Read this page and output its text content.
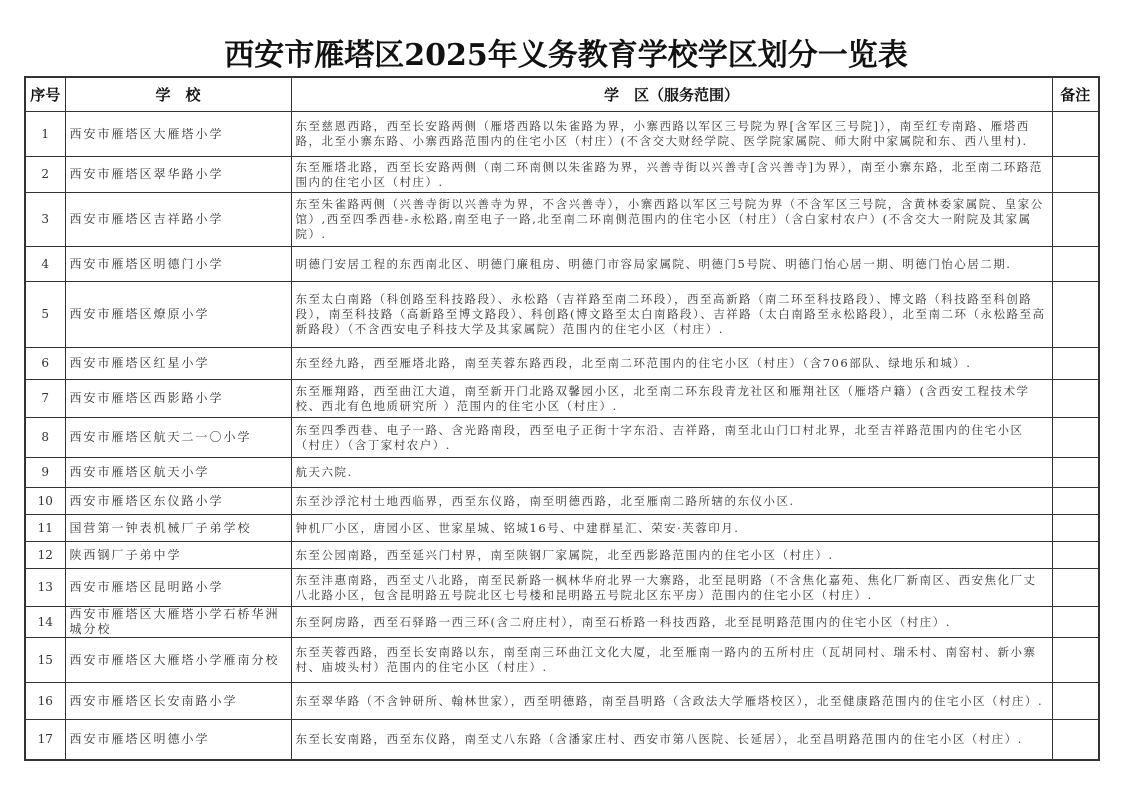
西安市雁塔区2025年义务教育学校学区划分一览表
序号	学　校	学　区（服务范围）	备注
1	西安市雁塔区大雁塔小学	东至慈恩西路，西至长安路两侧（雁塔西路以朱雀路为界，小寨西路以军区三号院为界[含军区三号院]），南至红专南路、雁塔西路，北至小寨东路、小寨西路范围内的住宅小区（村庄）(不含交大财经学院、医学院家属院、师大附中家属院和东、西八里村).	
2	西安市雁塔区翠华路小学	东至雁塔北路，西至长安路两侧（南二环南侧以朱雀路为界，兴善寺街以兴善寺[含兴善寺]为界），南至小寨东路，北至南二环路范围内的住宅小区（村庄）.	
3	西安市雁塔区吉祥路小学	东至朱雀路两侧（兴善寺街以兴善寺为界，不含兴善寺），小寨西路以军区三号院为界（不含军区三号院，含黄林委家属院、皇家公馆）,西至四季西巷-永松路,南至电子一路,北至南二环南侧范围内的住宅小区（村庄）（含白家村农户）(不含交大一附院及其家属院）.	
4	西安市雁塔区明德门小学	明德门安居工程的东西南北区、明德门廉租房、明德门市容局家属院、明德门5号院、明德门怡心居一期、明德门怡心居二期.	
5	西安市雁塔区燎原小学	东至太白南路（科创路至科技路段）、永松路（吉祥路至南二环段），西至高新路（南二环至科技路段）、博文路（科技路至科创路段），南至科技路（高新路至博文路段）、科创路(博文路至太白南路段）、吉祥路（太白南路至永松路段），北至南二环（永松路至高新路段）（不含西安电子科技大学及其家属院）范围内的住宅小区（村庄）.	
6	西安市雁塔区红星小学	东至经九路，西至雁塔北路，南至芙蓉东路西段，北至南二环范围内的住宅小区（村庄）（含706部队、绿地乐和城）.	
7	西安市雁塔区西影路小学	东至雁翔路，西至曲江大道，南至新开门北路双馨园小区，北至南二环东段青龙社区和雁翔社区（雁塔户籍）(含西安工程技术学校、西北有色地质研究所 ）范围内的住宅小区（村庄）.	
8	西安市雁塔区航天二一〇小学	东至四季西巷、电子一路、含光路南段，西至电子正街十字东沿、吉祥路，南至北山门口村北界，北至吉祥路范围内的住宅小区（村庄）（含丁家村农户）.	
9	西安市雁塔区航天小学	航天六院.	
10	西安市雁塔区东仪路小学	东至沙浮沱村土地西临界，西至东仪路，南至明德西路，北至雁南二路所辖的东仪小区.	
11	国营第一钟表机械厂子弟学校	钟机厂小区，唐园小区、世家星城、铭城16号、中建群星汇、荣安·芙蓉印月.	
12	陕西钢厂子弟中学	东至公园南路，西至延兴门村界，南至陕钢厂家属院，北至西影路范围内的住宅小区（村庄）.	
13	西安市雁塔区昆明路小学	东至沣惠南路，西至丈八北路，南至民新路一枫林华府北界一大寨路，北至昆明路（不含焦化嘉苑、焦化厂新南区、西安焦化厂丈八北路小区，包含昆明路五号院北区七号楼和昆明路五号院北区东平房）范围内的住宅小区（村庄）.	
14	西安市雁塔区大雁塔小学石桥华洲城分校	东至阿房路，西至石驿路一西三环(含二府庄村），南至石桥路一科技西路，北至昆明路范围内的住宅小区（村庄）.	
15	西安市雁塔区大雁塔小学雁南分校	东至芙蓉西路，西至长安南路以东，南至南三环曲江文化大厦，北至雁南一路内的五所村庄（瓦胡同村、瑞禾村、南窑村、新小寨村、庙坡头村）范围内的住宅小区（村庄）.	
16	西安市雁塔区长安南路小学	东至翠华路（不含钟研所、翰林世家），西至明德路，南至昌明路（含政法大学雁塔校区），北至健康路范围内的住宅小区（村庄）.	
17	西安市雁塔区明德小学	东至长安南路，西至东仪路，南至丈八东路（含潘家庄村、西安市第八医院、长延居），北至昌明路范围内的住宅小区（村庄）.	
